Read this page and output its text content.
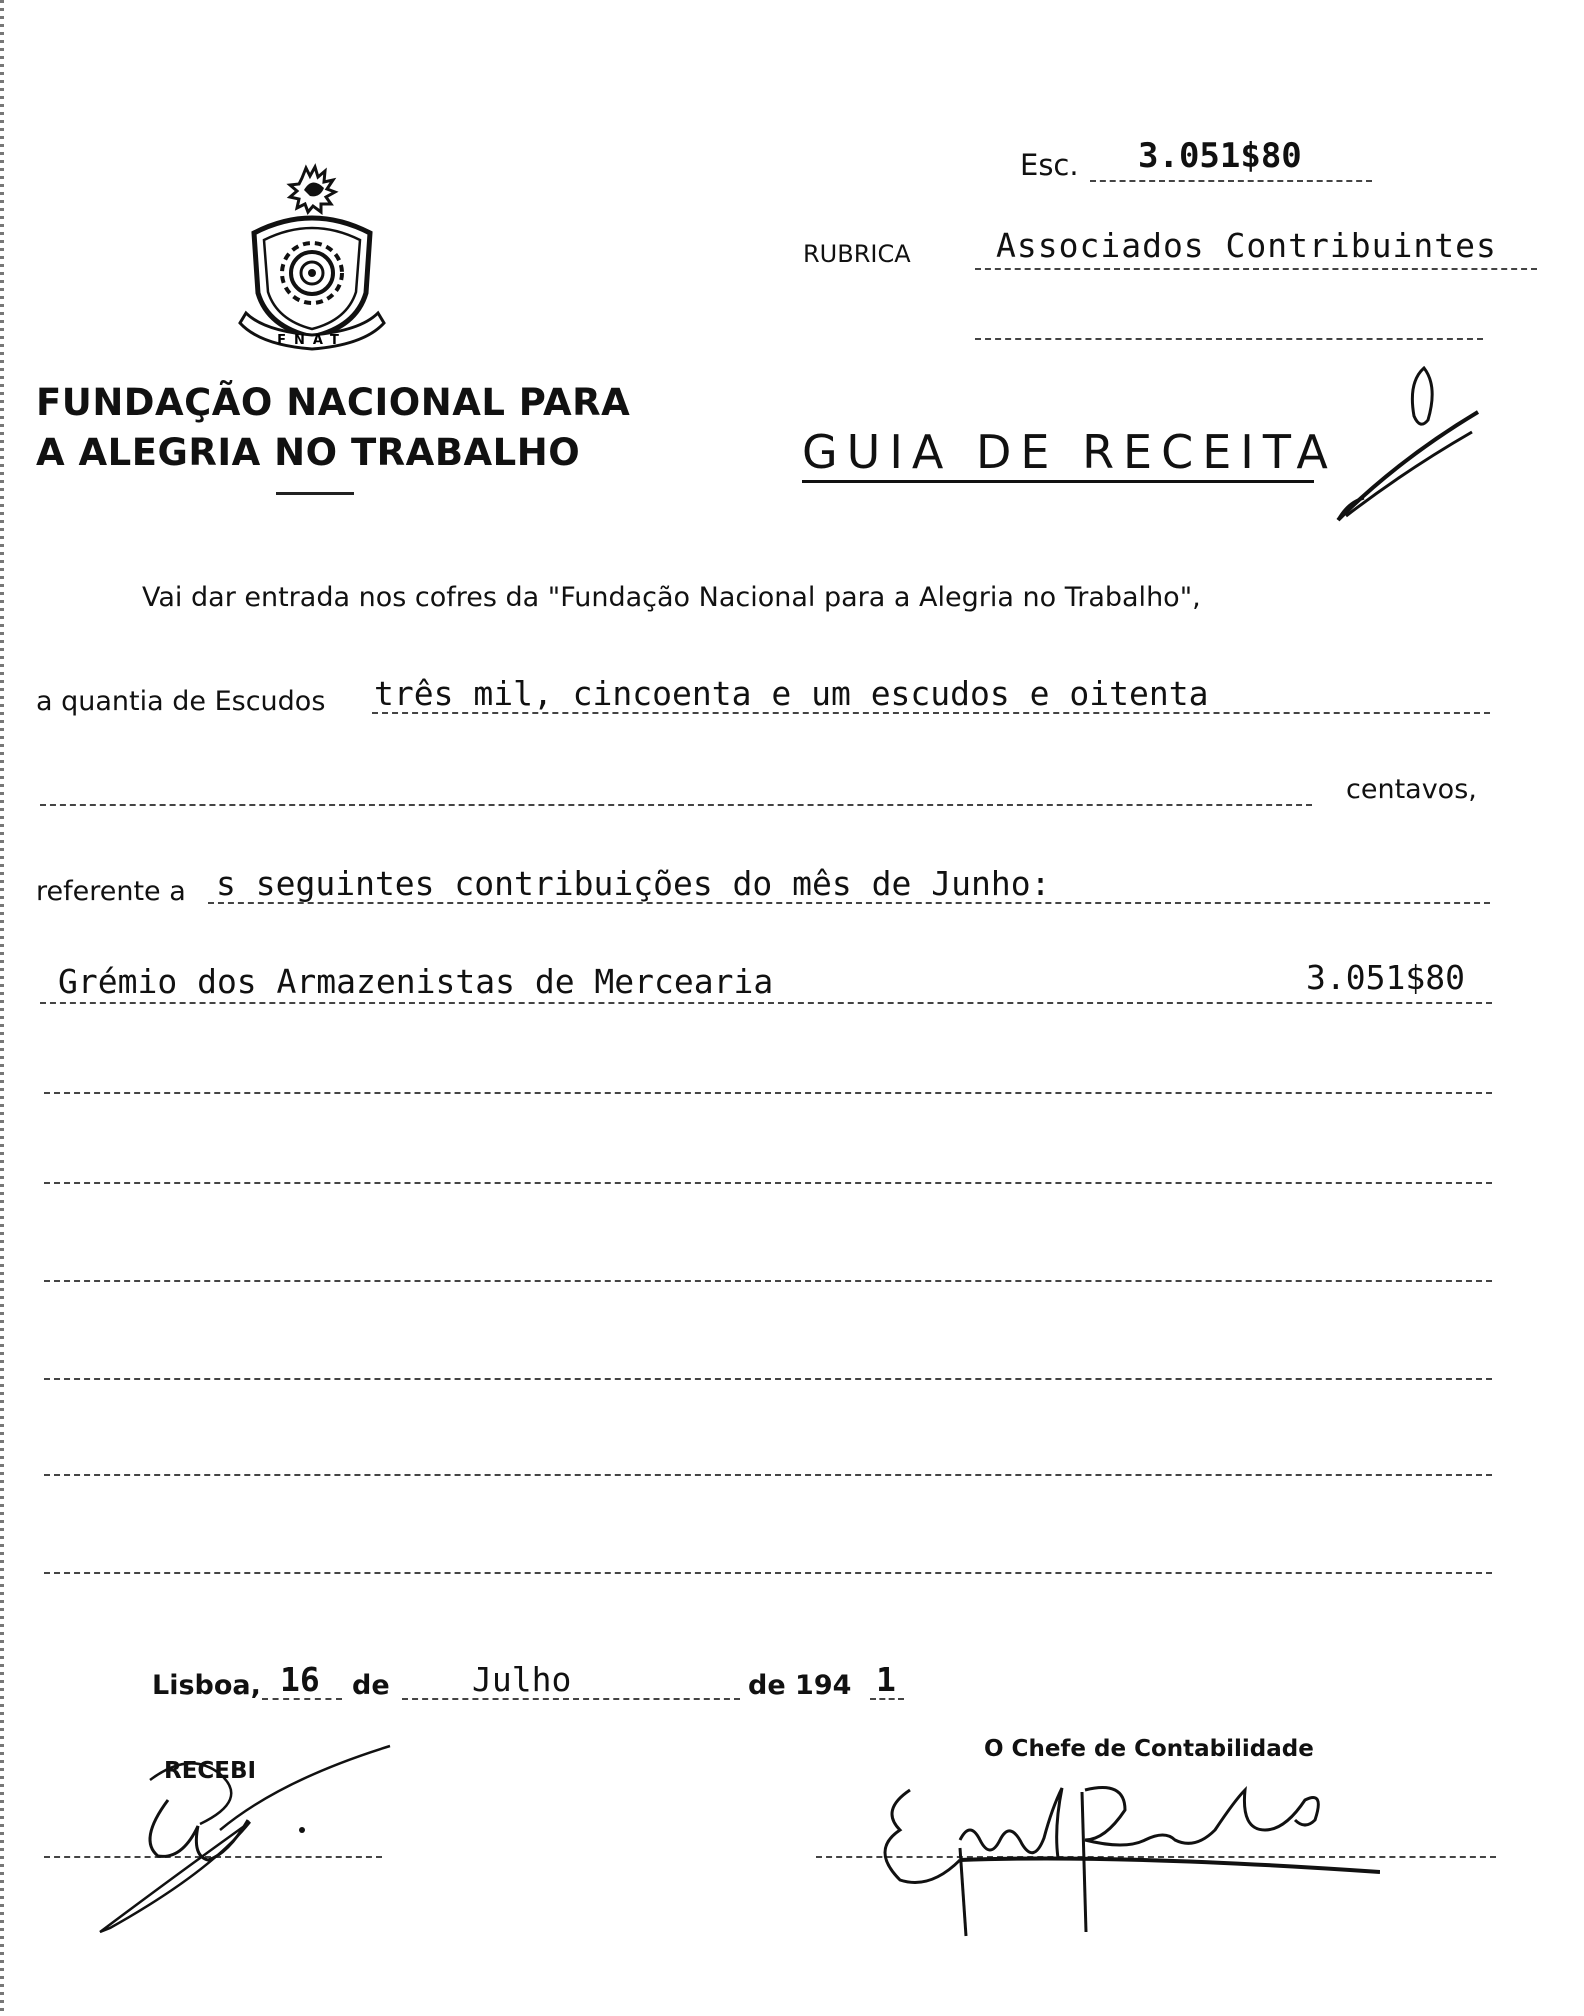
FNAT
FUNDAÇÃO NACIONAL PARA
A ALEGRIA NO TRABALHO
Esc. 3.051$80
RUBRICA	Associados Contribuintes
GUIA DE RECEITA
Vai dar entrada nos cofres da "Fundação Nacional para a Alegria no Trabalho",
a quantia de Escudos três mil, cincoenta e um escudos e oitenta
centavos,
referente a s seguintes contribuições do mês de Junho:
Grémio dos Armazenistas de Mercearia	3.051$80
Lisboa, 16 de Julho	de 194 1
RECEBI
O Chefe de Contabilidade
